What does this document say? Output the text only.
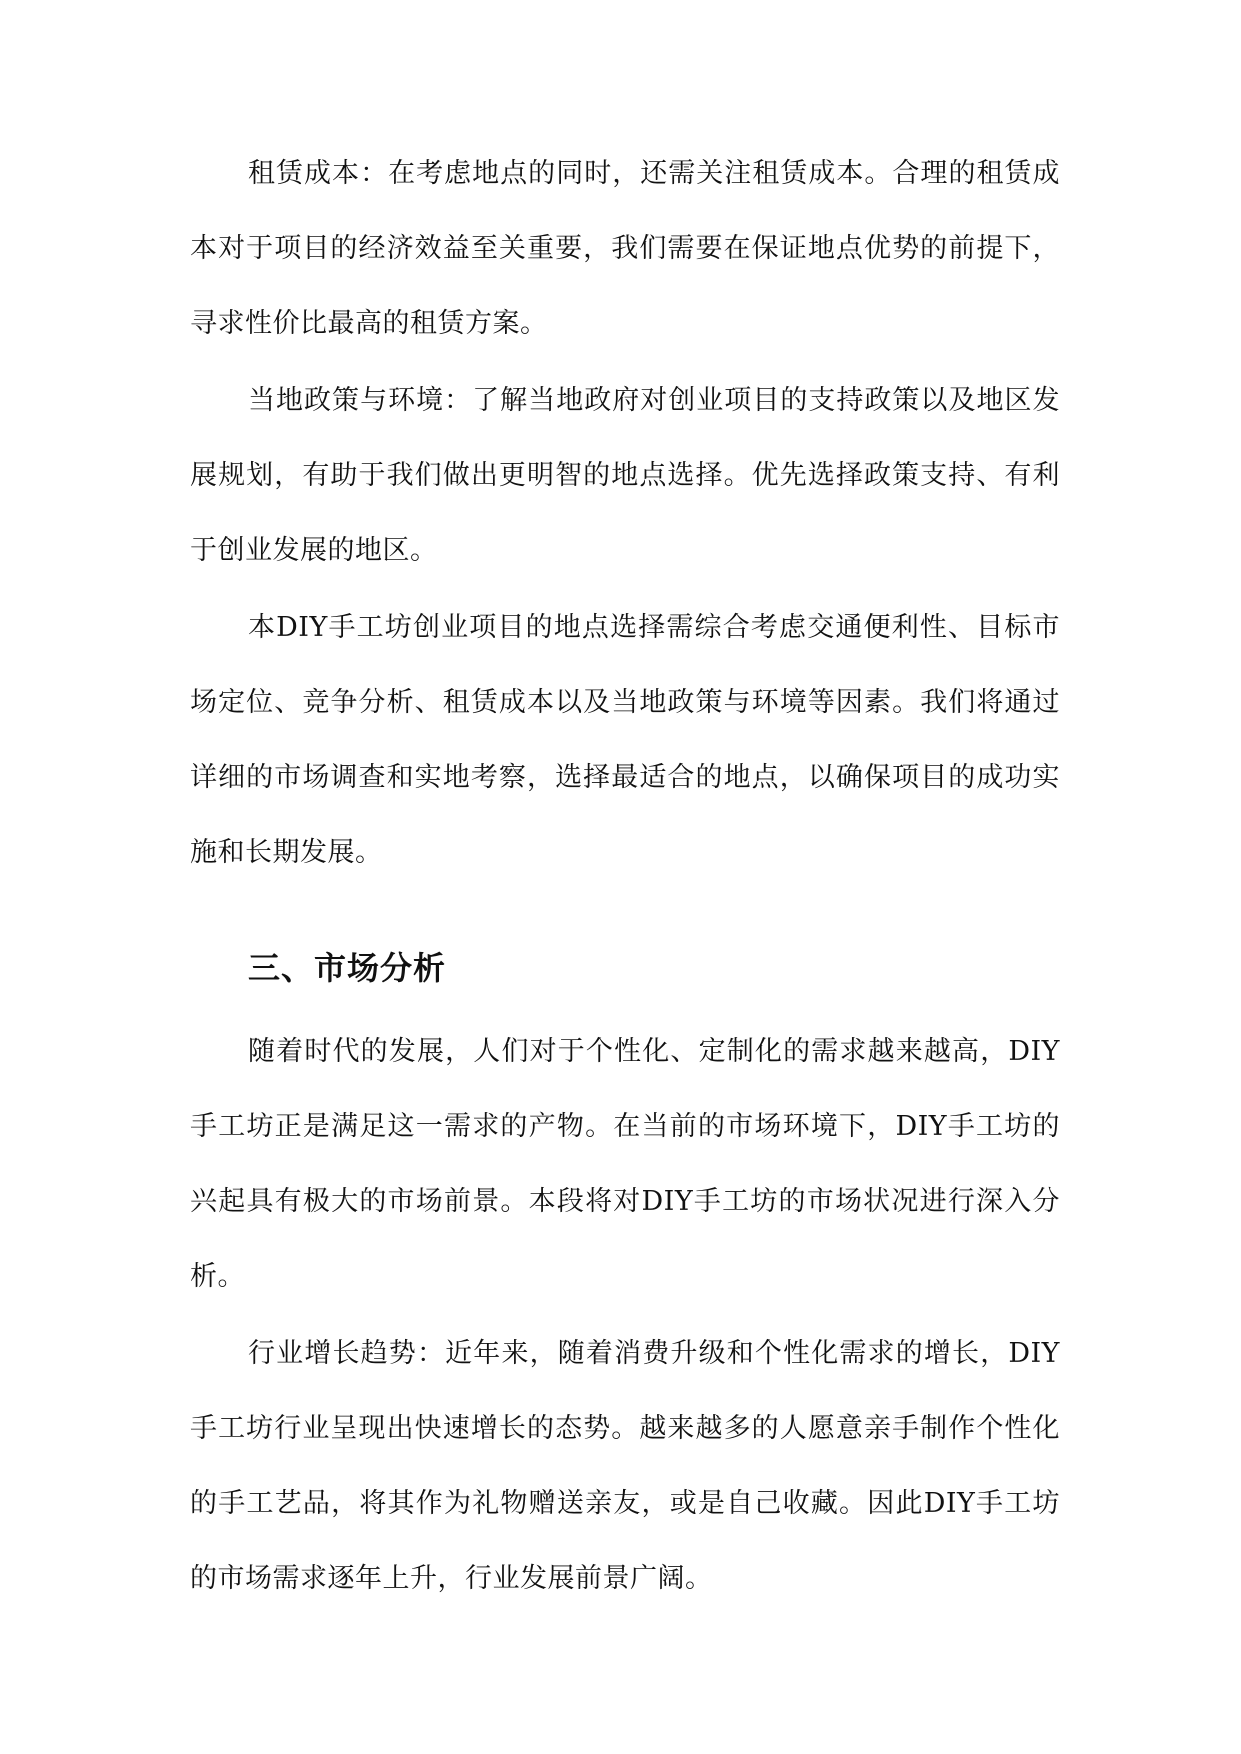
租赁成本：在考虑地点的同时，还需关注租赁成本。合理的租赁成本对于项目的经济效益至关重要，我们需要在保证地点优势的前提下，寻求性价比最高的租赁方案。

当地政策与环境：了解当地政府对创业项目的支持政策以及地区发展规划，有助于我们做出更明智的地点选择。优先选择政策支持、有利于创业发展的地区。

本DIY手工坊创业项目的地点选择需综合考虑交通便利性、目标市场定位、竞争分析、租赁成本以及当地政策与环境等因素。我们将通过详细的市场调查和实地考察，选择最适合的地点，以确保项目的成功实施和长期发展。

三、市场分析

随着时代的发展，人们对于个性化、定制化的需求越来越高，DIY手工坊正是满足这一需求的产物。在当前的市场环境下，DIY手工坊的兴起具有极大的市场前景。本段将对DIY手工坊的市场状况进行深入分析。

行业增长趋势：近年来，随着消费升级和个性化需求的增长，DIY手工坊行业呈现出快速增长的态势。越来越多的人愿意亲手制作个性化的手工艺品，将其作为礼物赠送亲友，或是自己收藏。因此DIY手工坊的市场需求逐年上升，行业发展前景广阔。
